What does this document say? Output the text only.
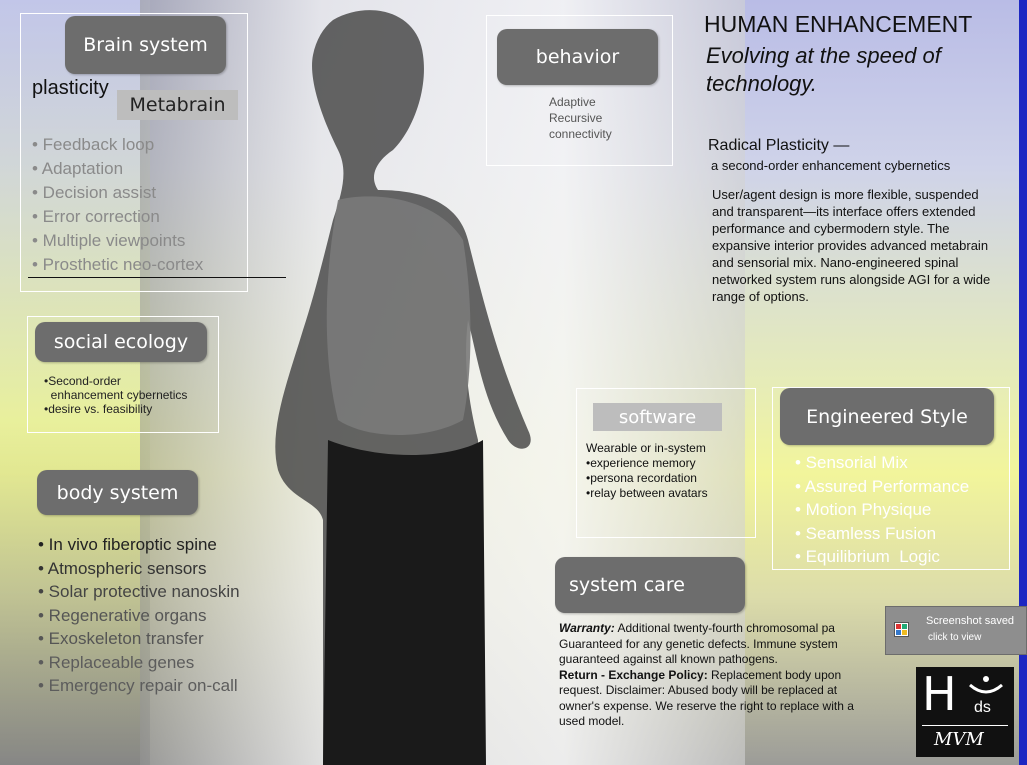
Brain system
plasticity
Metabrain
• Feedback loop
• Adaptation
• Decision assist
• Error correction
• Multiple viewpoints
• Prosthetic neo-cortex
behavior
Adaptive
Recursive
connectivity
HUMAN ENHANCEMENT
Evolving at the speed of
technology.
Radical Plasticity —
a second-order enhancement cybernetics
User/agent design is more flexible, suspended and transparent—its interface offers extended performance and cybermodern style. The expansive interior provides advanced metabrain and sensorial mix. Nano-engineered spinal networked system runs alongside AGI for a wide range of options.
social ecology
•Second-order
enhancement cybernetics
•desire vs. feasibility	software
Wearable or in-system
•experience memory
•persona recordation
•relay between avatars
Engineered Style
• Sensorial Mix
• Assured Performance
• Motion Physique
• Seamless Fusion
• Equilibrium  Logic
body system
• In vivo fiberoptic spine
• Atmospheric sensors
• Solar protective nanoskin
• Regenerative organs
• Exoskeleton transfer
• Replaceable genes
• Emergency repair on-call
system care
Warranty: Additional twenty-fourth chromosomal pa
Guaranteed for any genetic defects. Immune system
guaranteed against all known pathogens.
Return - Exchange Policy: Replacement body upon
request. Disclaimer: Abused body will be replaced at
owner's expense. We reserve the right to replace with a
used model.
Screenshot saved
click to view
H ds
MVM
